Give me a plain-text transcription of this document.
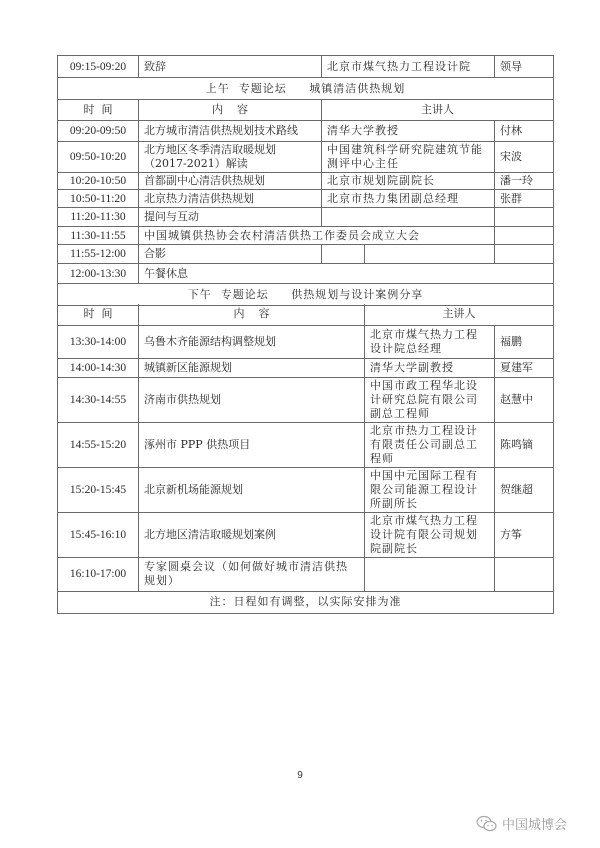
09:15-09:20	致辞	北京市煤气热力工程设计院	领导
上午  专题论坛     城镇清洁供热规划			
时  间	内    容	主讲人	
09:20-09:50	北方城市清洁供热规划技术路线	清华大学教授	付林
09:50-10:20	北方地区冬季清洁取暖规划（2017-2021）解读	中国建筑科学研究院建筑节能测评中心主任	宋波
10:20-10:50	首都副中心清洁供热规划	北京市规划院副院长	潘一玲
10:50-11:20	北京热力清洁供热规划	北京市热力集团副总经理	张群
11:20-11:30	提问与互动		
11:30-11:55	中国城镇供热协会农村清洁供热工作委员会成立大会		
11:55-12:00	合影	

12:00-13:30	午餐休息		
下午  专题论坛     供热规划与设计案例分享			
时  间	内    容	主讲人	
13:30-14:00	乌鲁木齐能源结构调整规划	北京市煤气热力工程设计院总经理	福鹏
14:00-14:30	城镇新区能源规划	清华大学副教授	夏建军
14:30-14:55	济南市供热规划	中国市政工程华北设计研究总院有限公司副总工程师	赵慧中
14:55-15:20	涿州市 PPP 供热项目	北京市热力工程设计有限责任公司副总工程师	陈鸣镝
15:20-15:45	北京新机场能源规划	中国中元国际工程有限公司能源工程设计所副所长	贺继超
15:45-16:10	北方地区清洁取暖规划案例	北京市煤气热力工程设计院有限公司规划院副院长	方筝
16:10-17:00	专家圆桌会议（如何做好城市清洁供热规划）		
注：日程如有调整，以实际安排为准			
9
中国城博会
